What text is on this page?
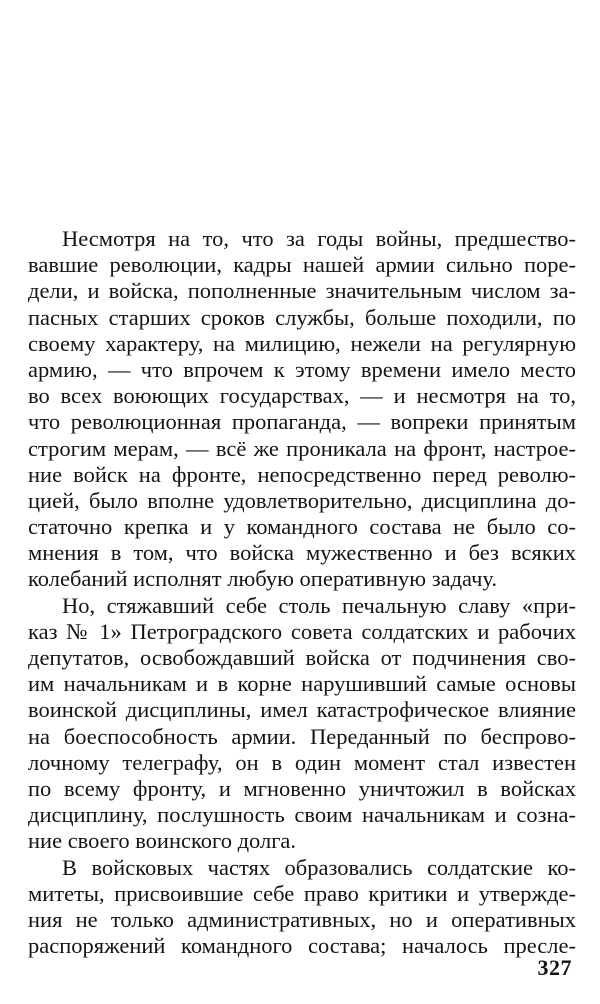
Несмотря на то, что за годы войны, предшество-
вавшие революции, кадры нашей армии сильно поре-
дели, и войска, пополненные значительным числом за-
пасных старших сроков службы, больше походили, по
своему характеру, на милицию, нежели на регулярную
армию, — что впрочем к этому времени имело место
во всех воюющих государствах, — и несмотря на то,
что революционная пропаганда, — вопреки принятым
строгим мерам, — всё же проникала на фронт, настрое-
ние войск на фронте, непосредственно перед револю-
цией, было вполне удовлетворительно, дисциплина до-
статочно крепка и у командного состава не было со-
мнения в том, что войска мужественно и без всяких
колебаний исполнят любую оперативную задачу.
Но, стяжавший себе столь печальную славу «при-
каз № 1» Петроградского совета солдатских и рабочих
депутатов, освобождавший войска от подчинения сво-
им начальникам и в корне нарушивший самые основы
воинской дисциплины, имел катастрофическое влияние
на боеспособность армии. Переданный по беспрово-
лочному телеграфу, он в один момент стал известен
по всему фронту, и мгновенно уничтожил в войсках
дисциплину, послушность своим начальникам и созна-
ние своего воинского долга.
В войсковых частях образовались солдатские ко-
митеты, присвоившие себе право критики и утвержде-
ния не только административных, но и оперативных
распоряжений командного состава; началось пресле-
327
